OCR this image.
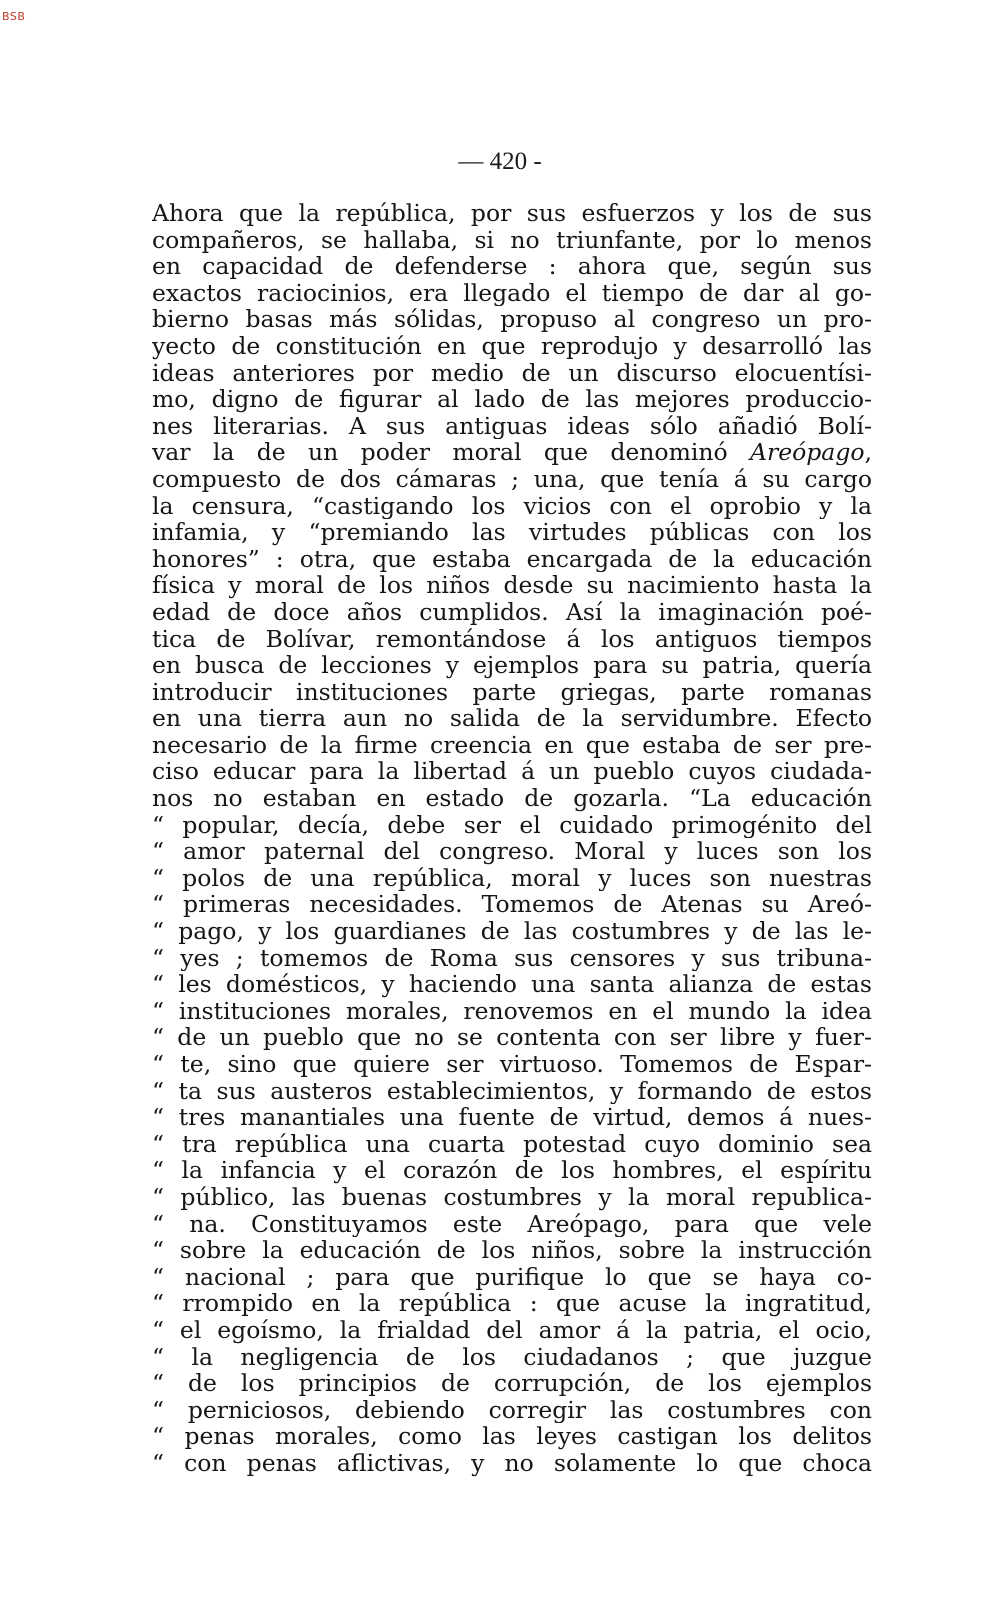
BSB
— 420 -
Ahora que la república, por sus esfuerzos y los de sus
compañeros, se hallaba, si no triunfante, por lo menos
en capacidad de defenderse : ahora que, según sus
exactos raciocinios, era llegado el tiempo de dar al go-
bierno basas más sólidas, propuso al congreso un pro-
yecto de constitución en que reprodujo y desarrolló las
ideas anteriores por medio de un discurso elocuentísi-
mo, digno de figurar al lado de las mejores produccio-
nes literarias. A sus antiguas ideas sólo añadió Bolí-
var la de un poder moral que denominó Areópago,
compuesto de dos cámaras ; una, que tenía á su cargo
la censura, “castigando los vicios con el oprobio y la
infamia, y “premiando las virtudes públicas con los
honores” : otra, que estaba encargada de la educación
física y moral de los niños desde su nacimiento hasta la
edad de doce años cumplidos. Así la imaginación poé-
tica de Bolívar, remontándose á los antiguos tiempos
en busca de lecciones y ejemplos para su patria, quería
introducir instituciones parte griegas, parte romanas
en una tierra aun no salida de la servidumbre. Efecto
necesario de la firme creencia en que estaba de ser pre-
ciso educar para la libertad á un pueblo cuyos ciudada-
nos no estaban en estado de gozarla. “La educación
“ popular, decía, debe ser el cuidado primogénito del
“ amor paternal del congreso. Moral y luces son los
“ polos de una república, moral y luces son nuestras
“ primeras necesidades. Tomemos de Atenas su Areó-
“ pago, y los guardianes de las costumbres y de las le-
“ yes ; tomemos de Roma sus censores y sus tribuna-
“ les domésticos, y haciendo una santa alianza de estas
“ instituciones morales, renovemos en el mundo la idea
“ de un pueblo que no se contenta con ser libre y fuer-
“ te, sino que quiere ser virtuoso. Tomemos de Espar-
“ ta sus austeros establecimientos, y formando de estos
“ tres manantiales una fuente de virtud, demos á nues-
“ tra república una cuarta potestad cuyo dominio sea
“ la infancia y el corazón de los hombres, el espíritu
“ público, las buenas costumbres y la moral republica-
“ na. Constituyamos este Areópago, para que vele
“ sobre la educación de los niños, sobre la instrucción
“ nacional ; para que purifique lo que se haya co-
“ rrompido en la república : que acuse la ingratitud,
“ el egoísmo, la frialdad del amor á la patria, el ocio,
“ la negligencia de los ciudadanos ; que juzgue
“ de los principios de corrupción, de los ejemplos
“ perniciosos, debiendo corregir las costumbres con
“ penas morales, como las leyes castigan los delitos
“ con penas aflictivas, y no solamente lo que choca
